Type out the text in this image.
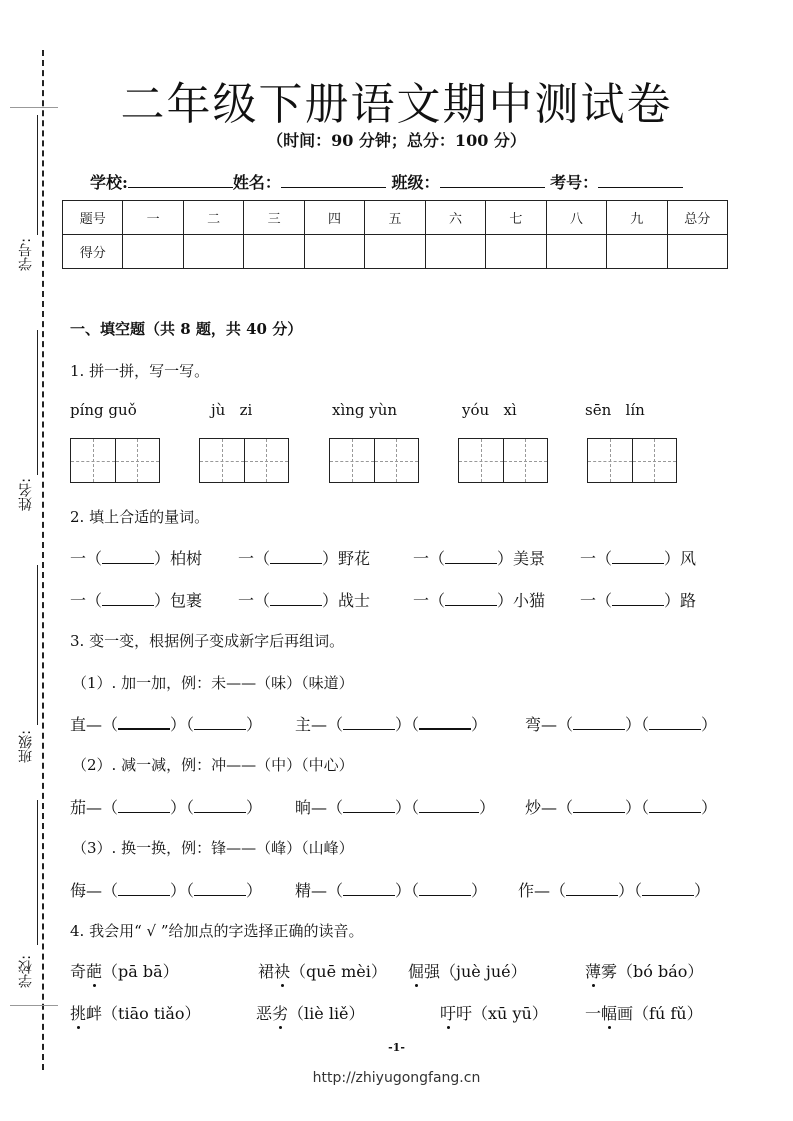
学号:
姓名:
班级:
学校:
二年级下册语文期中测试卷
（时间：90 分钟；总分：100 分）
学校:	姓名：	班级：	考号：
题号	一	二	三	四	五	六	七	八	九	总分
得分										
一、填空题（共 8 题，共 40 分）
1. 拼一拼，写一写。
píng guǒ	jù   zi	xìng yùn	yóu   xì	sēn   lín
2. 填上合适的量词。
一（	）柏树 一（	）野花	一（	）美景 一（	）风
一（	）包裹 一（	）战士	一（	）小猫 一（	）路
3. 变一变，根据例子变成新字后再组词。
（1）. 加一加，例：未——（味）（味道）
直—（	）（	） 主—（	）（	） 弯—（	）（	）
（2）. 减一减，例：冲——（中）（中心）
茄—（	）（	） 晌—（	）（	） 炒—（	）（	）
（3）. 换一换，例：锋——（峰）（山峰）
侮—（	）（	） 精—（	）（	） 作—（	）（	）
4. 我会用“ √ ”给加点的字选择正确的读音。
奇葩（pā bā）	裙袂（quē mèi） 倔强（juè jué）	薄雾（bó báo）
挑衅（tiāo tiǎo）	恶劣（liè liě）	吁吁（xū yū） 一幅画（fú fǔ）
-1-
http://zhiyugongfang.cn
